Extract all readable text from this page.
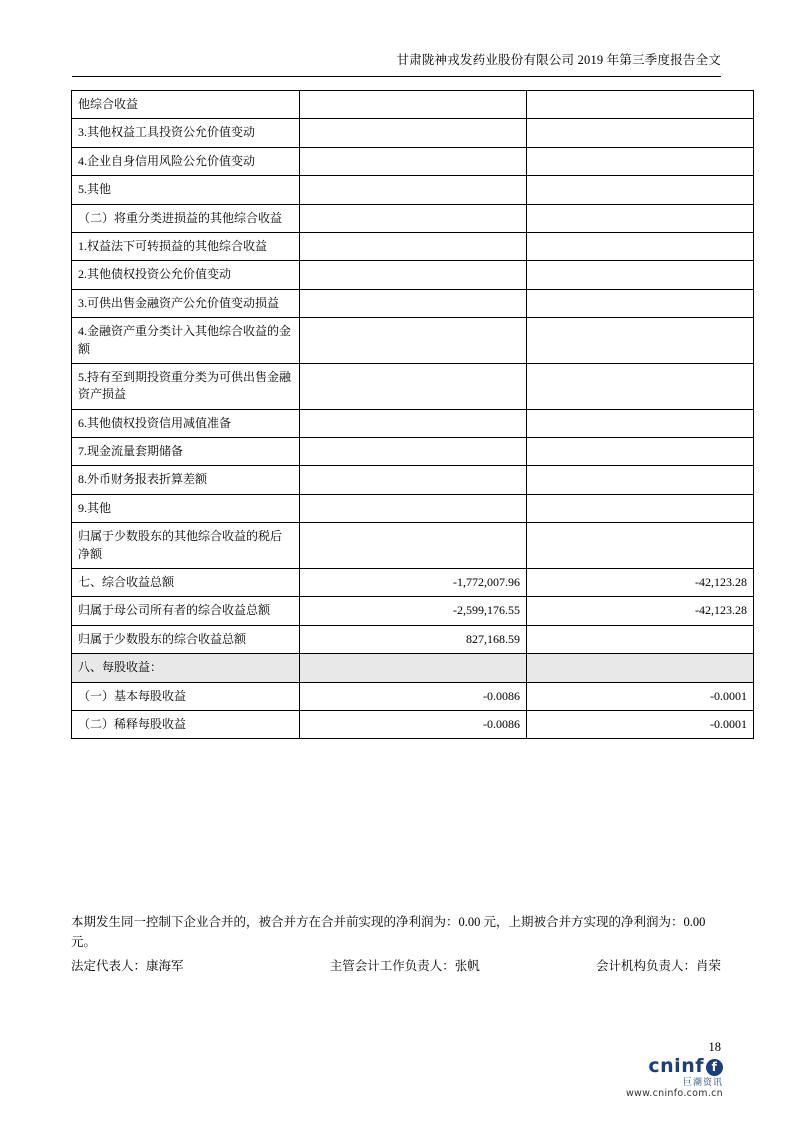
甘肃陇神戎发药业股份有限公司 2019 年第三季度报告全文
他综合收益		
3.其他权益工具投资公允价值变动		
4.企业自身信用风险公允价值变动		
5.其他		
（二）将重分类进损益的其他综合收益		
1.权益法下可转损益的其他综合收益		
2.其他债权投资公允价值变动		
3.可供出售金融资产公允价值变动损益		
4.金融资产重分类计入其他综合收益的金额		
5.持有至到期投资重分类为可供出售金融资产损益		
6.其他债权投资信用减值准备		
7.现金流量套期储备		
8.外币财务报表折算差额		
9.其他		
归属于少数股东的其他综合收益的税后净额		
七、综合收益总额	-1,772,007.96	-42,123.28
归属于母公司所有者的综合收益总额	-2,599,176.55	-42,123.28
归属于少数股东的综合收益总额	827,168.59	
八、每股收益：		
（一）基本每股收益	-0.0086	-0.0001
（二）稀释每股收益	-0.0086	-0.0001
本期发生同一控制下企业合并的，被合并方在合并前实现的净利润为：0.00 元，上期被合并方实现的净利润为：0.00 元。
法定代表人：康海军	主管会计工作负责人：张帆	会计机构负责人：肖荣
18
cninf f
巨潮资讯
www.cninfo.com.cn
